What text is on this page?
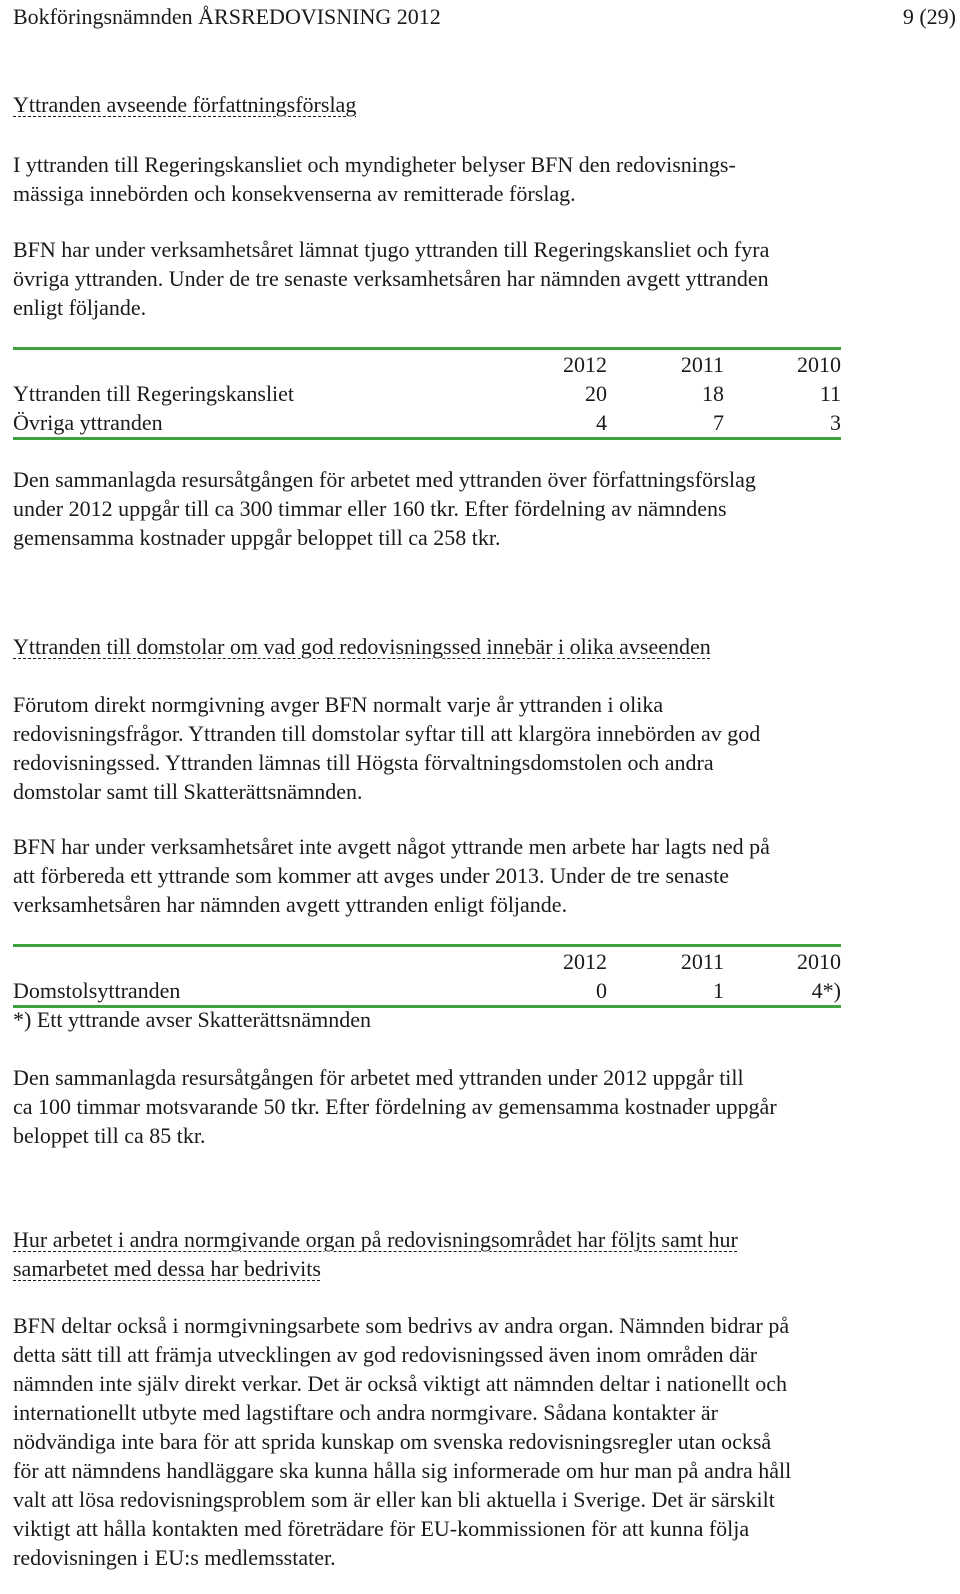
Bokföringsnämnden ÅRSREDOVISNING 2012	9 (29)
Yttranden avseende författningsförslag

I yttranden till Regeringskansliet och myndigheter belyser BFN den redovisnings-
mässiga innebörden och konsekvenserna av remitterade förslag.

BFN har under verksamhetsåret lämnat tjugo yttranden till Regeringskansliet och fyra
övriga yttranden. Under de tre senaste verksamhetsåren har nämnden avgett yttranden
enligt följande.

	2012	2011	2010
Yttranden till Regeringskansliet	20	18	11
Övriga yttranden	4	7	3

Den sammanlagda resursåtgången för arbetet med yttranden över författningsförslag
under 2012 uppgår till ca 300 timmar eller 160 tkr. Efter fördelning av nämndens
gemensamma kostnader uppgår beloppet till ca 258 tkr.

Yttranden till domstolar om vad god redovisningssed innebär i olika avseenden

Förutom direkt normgivning avger BFN normalt varje år yttranden i olika
redovisningsfrågor. Yttranden till domstolar syftar till att klargöra innebörden av god
redovisningssed. Yttranden lämnas till Högsta förvaltningsdomstolen och andra
domstolar samt till Skatterättsnämnden.

BFN har under verksamhetsåret inte avgett något yttrande men arbete har lagts ned på
att förbereda ett yttrande som kommer att avges under 2013. Under de tre senaste
verksamhetsåren har nämnden avgett yttranden enligt följande.

	2012	2011	2010
Domstolsyttranden	0	1	4*)
*) Ett yttrande avser Skatterättsnämnden

Den sammanlagda resursåtgången för arbetet med yttranden under 2012 uppgår till
ca 100 timmar motsvarande 50 tkr. Efter fördelning av gemensamma kostnader uppgår
beloppet till ca 85 tkr.

Hur arbetet i andra normgivande organ på redovisningsområdet har följts samt hur
samarbetet med dessa har bedrivits

BFN deltar också i normgivningsarbete som bedrivs av andra organ. Nämnden bidrar på
detta sätt till att främja utvecklingen av god redovisningssed även inom områden där
nämnden inte själv direkt verkar. Det är också viktigt att nämnden deltar i nationellt och
internationellt utbyte med lagstiftare och andra normgivare. Sådana kontakter är
nödvändiga inte bara för att sprida kunskap om svenska redovisningsregler utan också
för att nämndens handläggare ska kunna hålla sig informerade om hur man på andra håll
valt att lösa redovisningsproblem som är eller kan bli aktuella i Sverige. Det är särskilt
viktigt att hålla kontakten med företrädare för EU-kommissionen för att kunna följa
redovisningen i EU:s medlemsstater.
